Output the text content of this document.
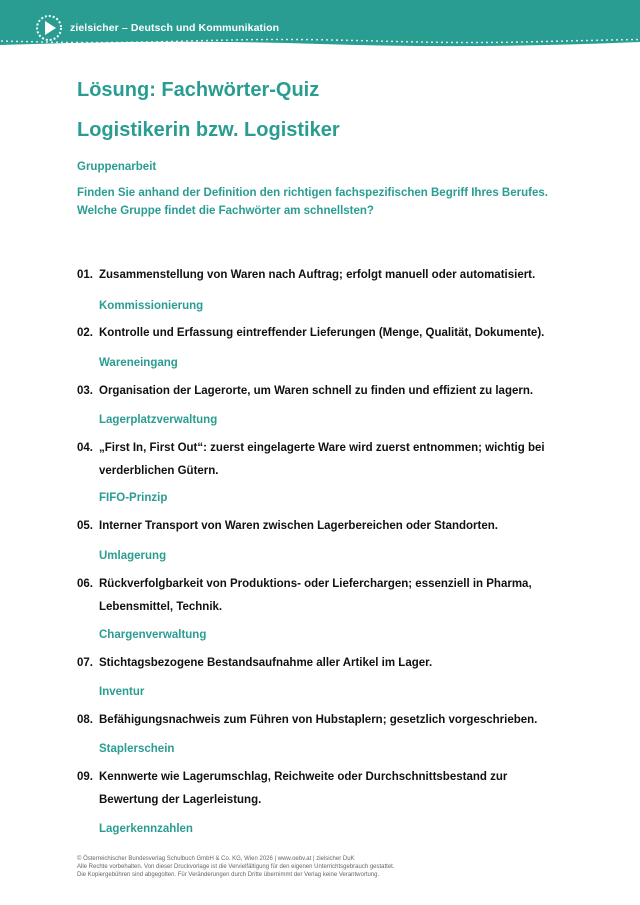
zielsicher – Deutsch und Kommunikation
Lösung: Fachwörter-Quiz
Logistikerin bzw. Logistiker
Gruppenarbeit
Finden Sie anhand der Definition den richtigen fachspezifischen Begriff Ihres Berufes.
Welche Gruppe findet die Fachwörter am schnellsten?
01. Zusammenstellung von Waren nach Auftrag; erfolgt manuell oder automatisiert.
Kommissionierung
02. Kontrolle und Erfassung eintreffender Lieferungen (Menge, Qualität, Dokumente).
Wareneingang
03. Organisation der Lagerorte, um Waren schnell zu finden und effizient zu lagern.
Lagerplatzverwaltung
04. „First In, First Out“: zuerst eingelagerte Ware wird zuerst entnommen; wichtig bei verderblichen Gütern.
FIFO-Prinzip
05. Interner Transport von Waren zwischen Lagerbereichen oder Standorten.
Umlagerung
06. Rückverfolgbarkeit von Produktions- oder Lieferchargen; essenziell in Pharma, Lebensmittel, Technik.
Chargenverwaltung
07. Stichtagsbezogene Bestandsaufnahme aller Artikel im Lager.
Inventur
08. Befähigungsnachweis zum Führen von Hubstaplern; gesetzlich vorgeschrieben.
Staplerschein
09. Kennwerte wie Lagerumschlag, Reichweite oder Durchschnittsbestand zur Bewertung der Lagerleistung.
Lagerkennzahlen
© Österreichischer Bundesverlag Schulbuch GmbH & Co. KG, Wien 2026 | www.oebv.at | zielsicher DuK
Alle Rechte vorbehalten. Von dieser Druckvorlage ist die Vervielfältigung für den eigenen Unterrichtsgebrauch gestattet.
Die Kopiergebühren sind abgegolten. Für Veränderungen durch Dritte übernimmt der Verlag keine Verantwortung.
